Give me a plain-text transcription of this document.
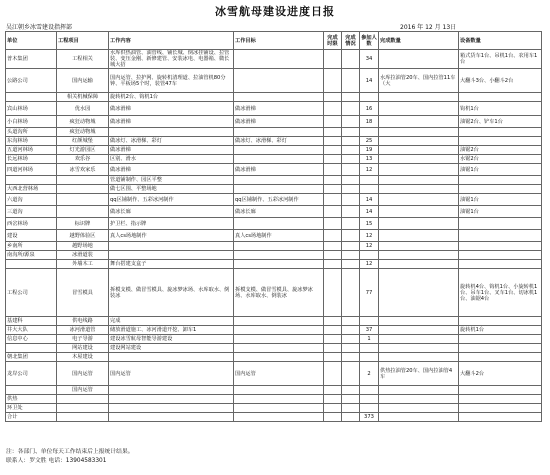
冰雪航母建设进度日报
吴江朝乡冰雪建设指挥部	2016 年 12 月 13日
单位	工程项目	工作内容	工作目标	完成时限	完成情况	参加人数	完成数量	设备数量
普木集团	工程相关	水库供热油管、油管线、铺长城、倒冰挂铺设、拉管装、变压金刚、新修建管、安装冰电、电器箱、微长城大招				34		箱式货车1台、吊机1台、农用车1台
公路公司	国内运输	国内运管、拉护网、旋转机清理道、拉油管机80分钟、平板场5个时，装管47车				14	水库拉油管20车、国内拉管11车（大	大翻斗3台、小翻斗2台
	相关机械保障	旋转机2台、钩机1台						
宾山林场	优水园	做冰滑梯	做冰滑梯			16		钩机1台
小白林场	疯狂动物城	做冰滑梯	做冰滑梯			18		油锯2台、铲车1台
头道沟所	疯狂动物城							
东沟林场	红颜城堡	做冰灯、冰滑梯、彩灯	做冰灯、冰滑梯、彩灯			25		
五道河林场	灯光游园区	做冰滑梯				19		油锯2台
长远林场	欢乐谷	区别、滑水				13		水锯2台
四道河林场	冰雪欢家乐	做冰滑梯	做冰滑梯			12		油锯1台
		管道铺制作、园区平整						
大西北营林场		做七区围、平整场地						
六道沟		qq区铺制作、五彩冰河制作	qq区铺制作、五彩冰河制作			14		油锯1台
三道沟		做冰长廊	做冰长廊			14		油锯1台
西岔林场	标识牌	护卫栏、指示牌				15		
建设	越野体验区	真人cs场地制作	真人cs场地制作			12		
乡南所	越野场地					12		
南沟所/源泉	冰滑道装							
	外墙木工	舞台搭建支盒子				12		
工程公司	冒雪模具	拆模支模、做冒雪模具、旋冰梦冰场、水库取水、倒装冰	拆模支模、做冒雪模具、旋冰梦冰场、水库取水、倒装冰			77		旋转机4台、钩机1台、小旋转机1台、吊车1台、叉车1台、切冰机1台、油锯4台
基建科	供电线路	完成						
井大大队	冰河滑道管	储放滑道施工、冰河滑道开挖、卸车1				37		旋转机1台
信息中心	电子导游	建设冰雪航母智能导游建设				1		
	网站建设	建设网站建设						
朝北集团	木屋建设							
龙岸公司	国内运管	国内运管	国内运管			2	供热拉油管20车、国内拉油管4车	大翻斗2台
	国内运管							
供热								
环卫处								
合计						373		
注：各部门、单位每天工作结束后上报统计结果。
联系人：罗文胜 电话：13904583301
